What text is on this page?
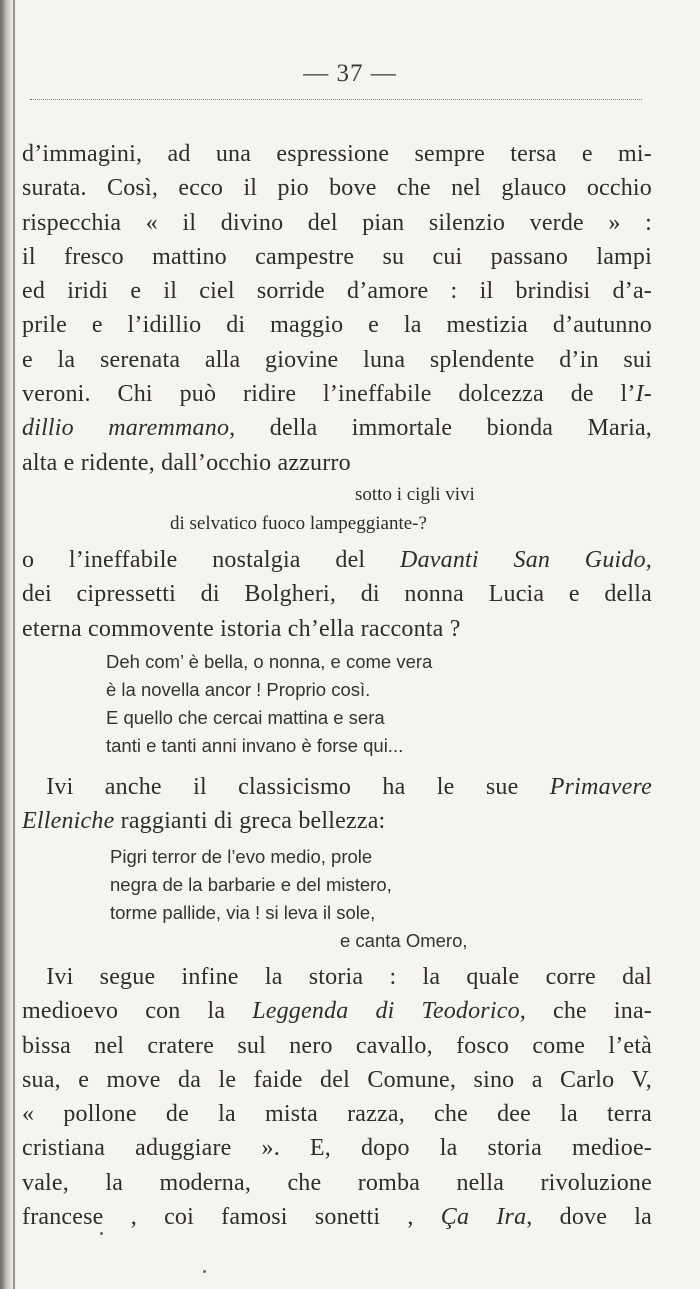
— 37 —
d’immagini, ad una espressione sempre tersa e mi-
surata. Così, ecco il pio bove che nel glauco occhio
rispecchia « il divino del pian silenzio verde » :
il fresco mattino campestre su cui passano lampi
ed iridi e il ciel sorride d’amore : il brindisi d’a-
prile e l’idillio di maggio e la mestizia d’autunno
e la serenata alla giovine luna splendente d’in sui
veroni. Chi può ridire l’ineffabile dolcezza de l’I-
dillio maremmano, della immortale bionda Maria,
alta e ridente, dall’occhio azzurro
sotto i cigli vivi
di selvatico fuoco lampeggiante-?
o l’ineffabile nostalgia del Davanti San Guido,
dei cipressetti di Bolgheri, di nonna Lucia e della
eterna commovente istoria ch’ella racconta ?
Deh com’ è bella, o nonna, e come vera
è la novella ancor ! Proprio così.
E quello che cercai mattina e sera
tanti e tanti anni invano è forse qui...
 Ivi anche il classicismo ha le sue Primavere
Elleniche raggianti di greca bellezza:
Pigri terror de l’evo medio, prole
negra de la barbarie e del mistero,
torme pallide, via ! si leva il sole,
e canta Omero,
 Ivi segue infine la storia : la quale corre dal
medioevo con la Leggenda di Teodorico, che ina-
bissa nel cratere sul nero cavallo, fosco come l’età
sua, e move da le faide del Comune, sino a Carlo V,
« pollone de la mista razza, che dee la terra
cristiana aduggiare ». E, dopo la storia medioe-
vale, la moderna, che romba nella rivoluzione
francese , coi famosi sonetti , Ça Ira, dove la
